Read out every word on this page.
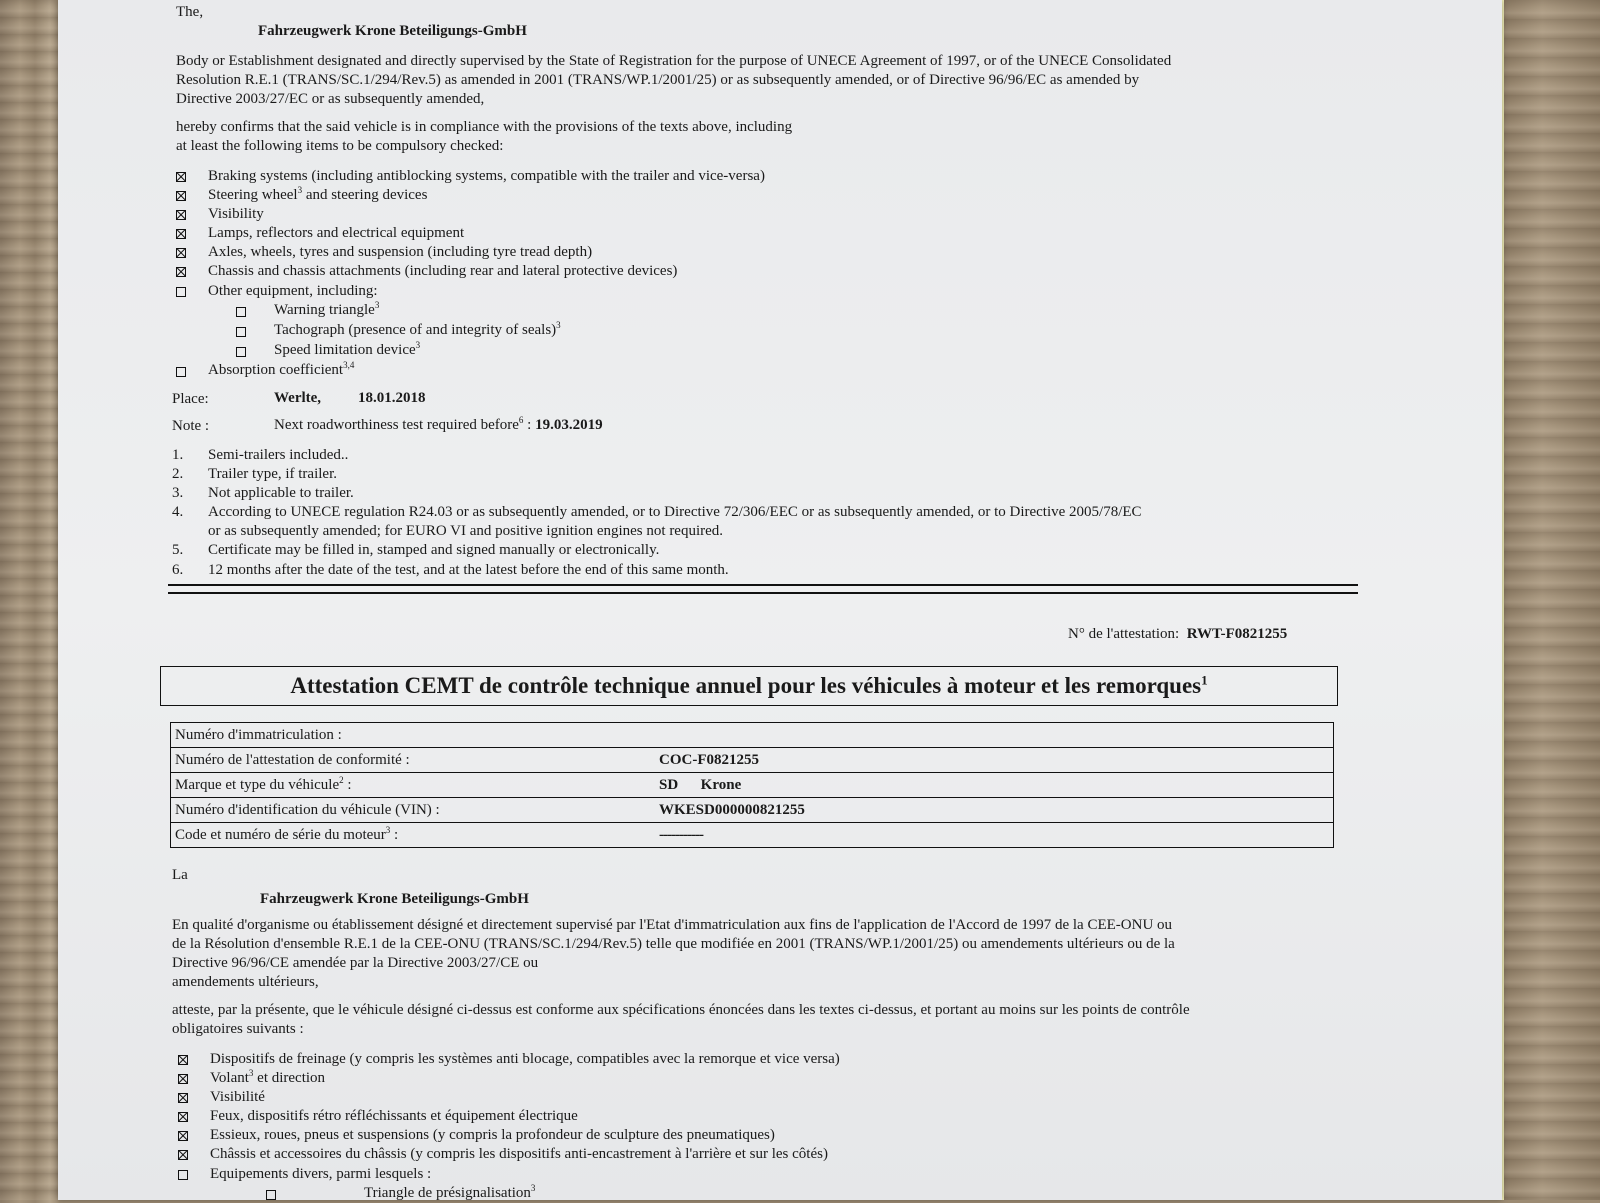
The,
Fahrzeugwerk Krone Beteiligungs-GmbH
Body or Establishment designated and directly supervised by the State of Registration for the purpose of UNECE Agreement of 1997, or of the UNECE Consolidated
Resolution R.E.1 (TRANS/SC.1/294/Rev.5) as amended in 2001 (TRANS/WP.1/2001/25) or as subsequently amended, or of Directive 96/96/EC as amended by
Directive 2003/27/EC or as subsequently amended,
hereby confirms that the said vehicle is in compliance with the provisions of the texts above, including
at least the following items to be compulsory checked:
Braking systems (including antiblocking systems, compatible with the trailer and vice-versa)
Steering wheel$^3$ and steering devices
Visibility
Lamps, reflectors and electrical equipment
Axles, wheels, tyres and suspension (including tyre tread depth)
Chassis and chassis attachments (including rear and lateral protective devices)
Other equipment, including:
Warning triangle$^3$
Tachograph (presence of and integrity of seals)$^3$
Speed limitation device$^3$
Absorption coefficient$^{3,4}$
Place:	Werlte, 18.01.2018
Note :	Next roadworthiness test required before$^6$ : 19.03.2019
1. Semi-trailers included..
2. Trailer type, if trailer.
3. Not applicable to trailer.
4. According to UNECE regulation R24.03 or as subsequently amended, or to Directive 72/306/EEC or as subsequently amended, or to Directive 2005/78/EC
or as subsequently amended; for EURO VI and positive ignition engines not required.
5. Certificate may be filled in, stamped and signed manually or electronically.
6. 12 months after the date of the test, and at the latest before the end of this same month.
N° de l'attestation: RWT-F0821255
Attestation CEMT de contrôle technique annuel pour les véhicules à moteur et les remorques$^1$
Numéro d'immatriculation :	
Numéro de l'attestation de conformité :	COC-F0821255
Marque et type du véhicule$^2$ :	SD      Krone
Numéro d'identification du véhicule (VIN) :	WKESD000000821255
Code et numéro de série du moteur$^3$ :	-----------
La
Fahrzeugwerk Krone Beteiligungs-GmbH
En qualité d'organisme ou établissement désigné et directement supervisé par l'Etat d'immatriculation aux fins de l'application de l'Accord de 1997 de la CEE-ONU ou
de la Résolution d'ensemble R.E.1 de la CEE-ONU (TRANS/SC.1/294/Rev.5) telle que modifiée en 2001 (TRANS/WP.1/2001/25) ou amendements ultérieurs ou de la
Directive 96/96/CE amendée par la Directive 2003/27/CE ou
amendements ultérieurs,
atteste, par la présente, que le véhicule désigné ci-dessus est conforme aux spécifications énoncées dans les textes ci-dessus, et portant au moins sur les points de contrôle
obligatoires suivants :
Dispositifs de freinage (y compris les systèmes anti blocage, compatibles avec la remorque et vice versa)
Volant$^3$ et direction
Visibilité
Feux, dispositifs rétro réfléchissants et équipement électrique
Essieux, roues, pneus et suspensions (y compris la profondeur de sculpture des pneumatiques)
Châssis et accessoires du châssis (y compris les dispositifs anti-encastrement à l'arrière et sur les côtés)
Equipements divers, parmi lesquels :
Triangle de présignalisation$^3$
